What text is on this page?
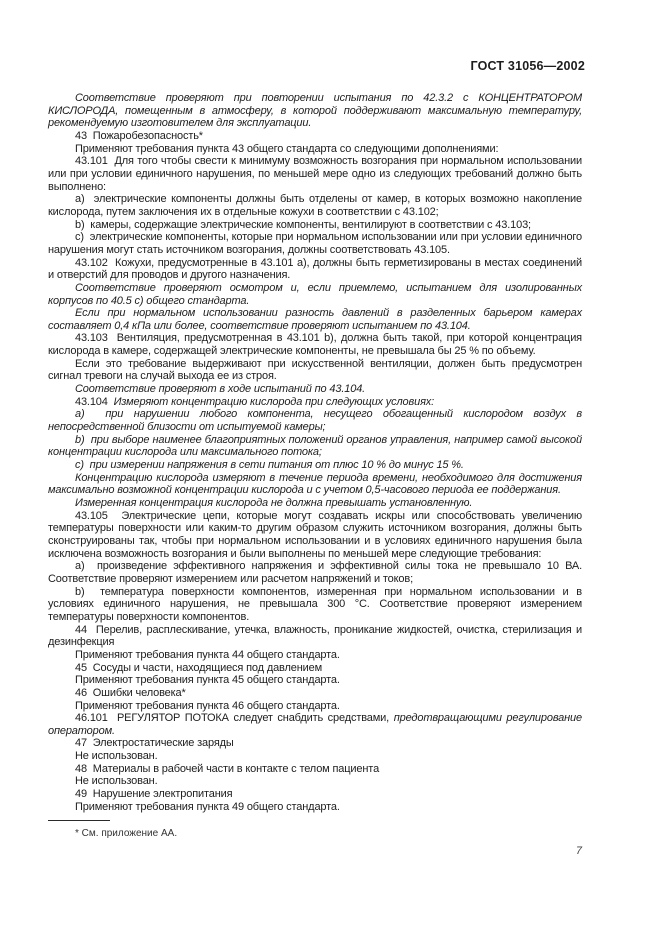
ГОСТ 31056—2002

Соответствие проверяют при повторении испытания по 42.3.2 с КОНЦЕНТРАТОРОМ КИСЛОРОДА, помещенным в атмосферу, в которой поддерживают максимальную температуру, рекомендуемую изготовителем для эксплуатации.

43  Пожаробезопасность*

Применяют требования пункта 43 общего стандарта со следующими дополнениями:

43.101  Для того чтобы свести к минимуму возможность возгорания при нормальном использовании или при условии единичного нарушения, по меньшей мере одно из следующих требований должно быть выполнено:

a)  электрические компоненты должны быть отделены от камер, в которых возможно накопление кислорода, путем заключения их в отдельные кожухи в соответствии с 43.102;

b)  камеры, содержащие электрические компоненты, вентилируют в соответствии с 43.103;

c)  электрические компоненты, которые при нормальном использовании или при условии единичного нарушения могут стать источником возгорания, должны соответствовать 43.105.

43.102  Кожухи, предусмотренные в 43.101 a), должны быть герметизированы в местах соединений и отверстий для проводов и другого назначения.

Соответствие проверяют осмотром и, если приемлемо, испытанием для изолированных корпусов по 40.5 c) общего стандарта.

Если при нормальном использовании разность давлений в разделенных барьером камерах составляет 0,4 кПа или более, соответствие проверяют испытанием по 43.104.

43.103  Вентиляция, предусмотренная в 43.101 b), должна быть такой, при которой концентрация кислорода в камере, содержащей электрические компоненты, не превышала бы 25 % по объему.

Если это требование выдерживают при искусственной вентиляции, должен быть предусмотрен сигнал тревоги на случай выхода ее из строя.

Соответствие проверяют в ходе испытаний по 43.104.

43.104  Измеряют концентрацию кислорода при следующих условиях:

a)  при нарушении любого компонента, несущего обогащенный кислородом воздух в непосредственной близости от испытуемой камеры;

b)  при выборе наименее благоприятных положений органов управления, например самой высокой концентрации кислорода или максимального потока;

c)  при измерении напряжения в сети питания от плюс 10 % до минус 15 %.

Концентрацию кислорода измеряют в течение периода времени, необходимого для достижения максимально возможной концентрации кислорода и с учетом 0,5-часового периода ее поддержания.

Измеренная концентрация кислорода не должна превышать установленную.

43.105  Электрические цепи, которые могут создавать искры или способствовать увеличению температуры поверхности или каким-то другим образом служить источником возгорания, должны быть сконструированы так, чтобы при нормальном использовании и в условиях единичного нарушения была исключена возможность возгорания и были выполнены по меньшей мере следующие требования:

a)  произведение эффективного напряжения и эффективной силы тока не превышало 10 ВА. Соответствие проверяют измерением или расчетом напряжений и токов;

b)  температура поверхности компонентов, измеренная при нормальном использовании и в условиях единичного нарушения, не превышала 300 °С. Соответствие проверяют измерением температуры поверхности компонентов.

44  Перелив, расплескивание, утечка, влажность, проникание жидкостей, очистка, стерилизация и дезинфекция

Применяют требования пункта 44 общего стандарта.

45  Сосуды и части, находящиеся под давлением

Применяют требования пункта 45 общего стандарта.

46  Ошибки человека*

Применяют требования пункта 46 общего стандарта.

46.101  РЕГУЛЯТОР ПОТОКА следует снабдить средствами, предотвращающими регулирование оператором.

47  Электростатические заряды

Не использован.

48  Материалы в рабочей части в контакте с телом пациента

Не использован.

49  Нарушение электропитания

Применяют требования пункта 49 общего стандарта.

* См. приложение АА.
7
